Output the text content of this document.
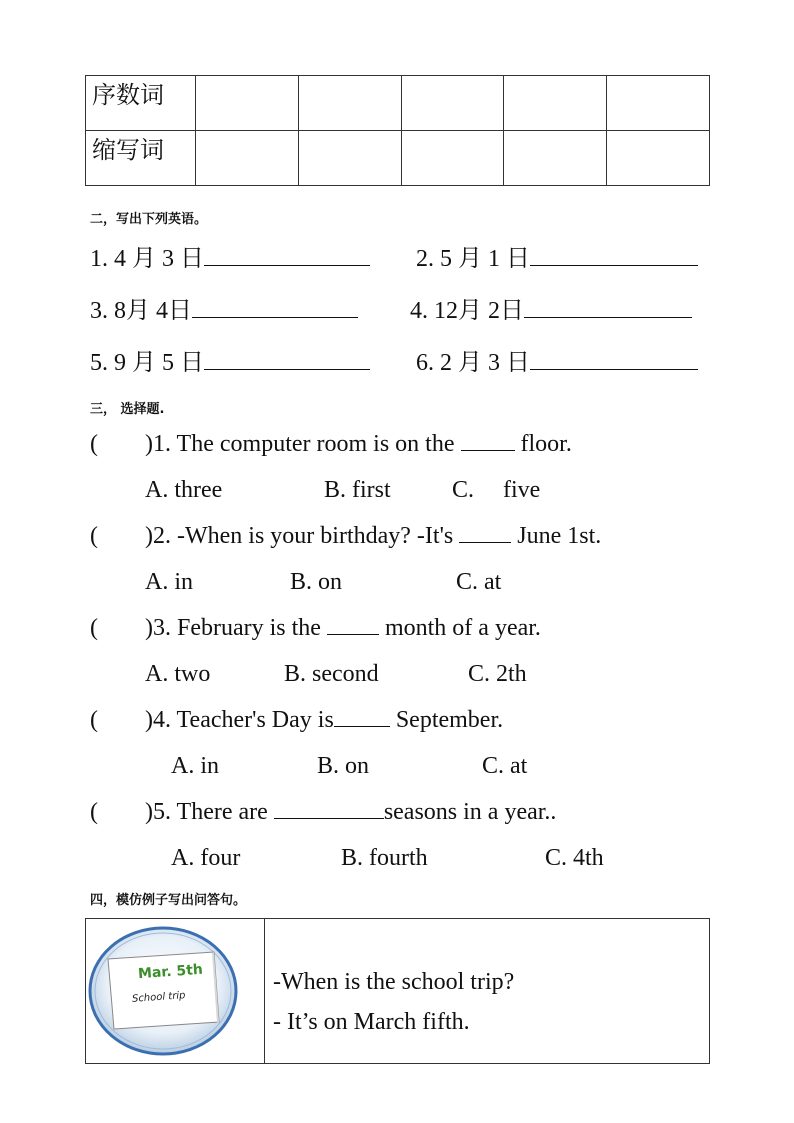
序数词					
缩写词					
二，写出下列英语。
1. 4 月 3 日	2. 5 月 1 日
3. 8月 4日	4. 12月 2日
5. 9 月 5 日	6. 2 月 3 日
三， 选择题.
( )1. The computer room is on the	floor.
A. three	B. first	C. five
( )2. -When is your birthday? -It's	June 1st.
A. in	B. on	C. at
( )3. February is the	month of a year.
A. two	B. second	C. 2th
( )4. Teacher's Day is	September.
A. in	B. on	C. at
( )5. There are	seasons in a year..
A. four	B. fourth	C. 4th
四，模仿例子写出问答句。
Mar. 5th
School trip

-When is the school trip?
- It’s on March fifth.
